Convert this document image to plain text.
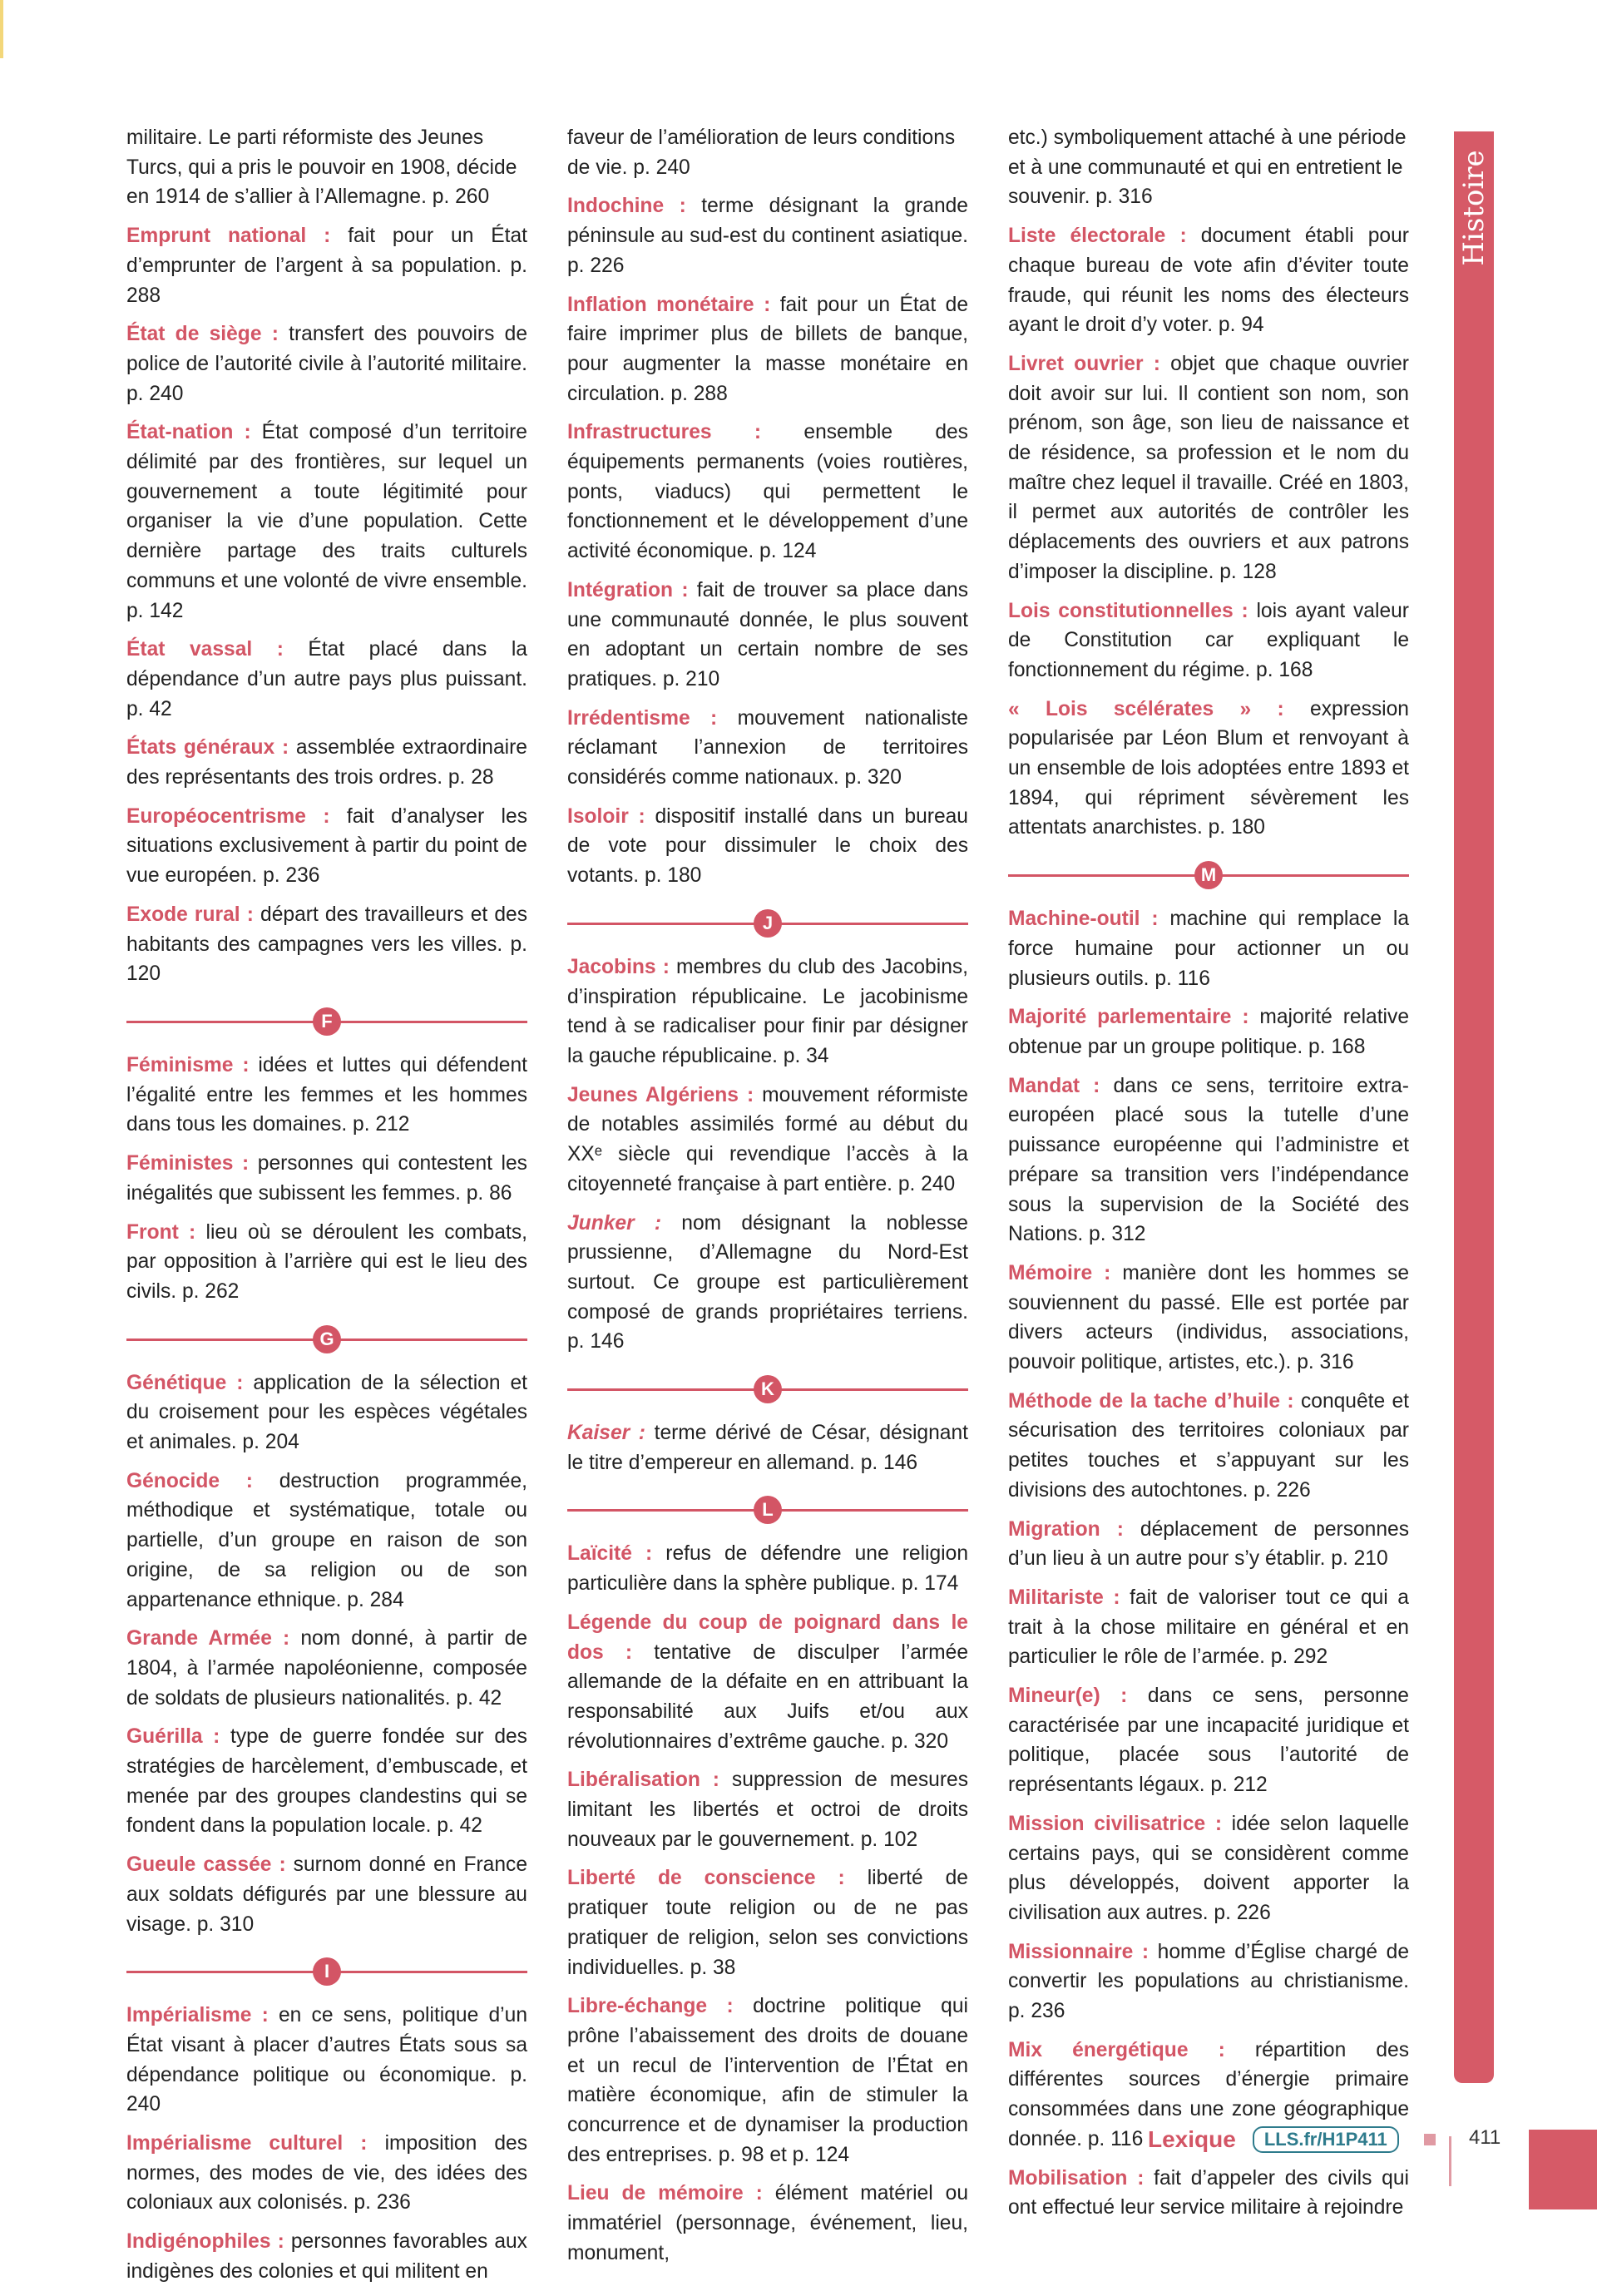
militaire. Le parti réformiste des Jeunes Turcs, qui a pris le pouvoir en 1908, décide en 1914 de s’allier à l’Allemagne. p. 260

Emprunt national : fait pour un État d’emprunter de l’argent à sa population. p. 288

État de siège : transfert des pouvoirs de police de l’autorité civile à l’autorité militaire. p. 240

État-nation : État composé d’un territoire délimité par des frontières, sur lequel un gouvernement a toute légitimité pour organiser la vie d’une population. Cette dernière partage des traits culturels communs et une volonté de vivre ensemble. p. 142

État vassal : État placé dans la dépendance d’un autre pays plus puissant. p. 42

États généraux : assemblée extraordinaire des représentants des trois ordres. p. 28

Européocentrisme : fait d’analyser les situations exclusivement à partir du point de vue européen. p. 236

Exode rural : départ des travailleurs et des habitants des campagnes vers les villes. p. 120

F

Féminisme : idées et luttes qui défendent l’égalité entre les femmes et les hommes dans tous les domaines. p. 212

Féministes : personnes qui contestent les inégalités que subissent les femmes. p. 86

Front : lieu où se déroulent les combats, par opposition à l’arrière qui est le lieu des civils. p. 262

G

Génétique : application de la sélection et du croisement pour les espèces végétales et animales. p. 204

Génocide : destruction programmée, méthodique et systématique, totale ou partielle, d’un groupe en raison de son origine, de sa religion ou de son appartenance ethnique. p. 284

Grande Armée : nom donné, à partir de 1804, à l’armée napoléonienne, composée de soldats de plusieurs nationalités. p. 42

Guérilla : type de guerre fondée sur des stratégies de harcèlement, d’embuscade, et menée par des groupes clandestins qui se fondent dans la population locale. p. 42

Gueule cassée : surnom donné en France aux soldats défigurés par une blessure au visage. p. 310

I

Impérialisme : en ce sens, politique d’un État visant à placer d’autres États sous sa dépendance politique ou économique. p. 240

Impérialisme culturel : imposition des normes, des modes de vie, des idées des coloniaux aux colonisés. p. 236

Indigénophiles : personnes favorables aux indigènes des colonies et qui militent en

faveur de l’amélioration de leurs conditions de vie. p. 240

Indochine : terme désignant la grande péninsule au sud-est du continent asiatique. p. 226

Inflation monétaire : fait pour un État de faire imprimer plus de billets de banque, pour augmenter la masse monétaire en circulation. p. 288

Infrastructures : ensemble des équipements permanents (voies routières, ponts, viaducs) qui permettent le fonctionnement et le développement d’une activité économique. p. 124

Intégration : fait de trouver sa place dans une communauté donnée, le plus souvent en adoptant un certain nombre de ses pratiques. p. 210

Irrédentisme : mouvement nationaliste réclamant l’annexion de territoires considérés comme nationaux. p. 320

Isoloir : dispositif installé dans un bureau de vote pour dissimuler le choix des votants. p. 180

J

Jacobins : membres du club des Jacobins, d’inspiration républicaine. Le jacobinisme tend à se radicaliser pour finir par désigner la gauche républicaine. p. 34

Jeunes Algériens : mouvement réformiste de notables assimilés formé au début du XXᵉ siècle qui revendique l’accès à la citoyenneté française à part entière. p. 240

Junker : nom désignant la noblesse prussienne, d’Allemagne du Nord-Est surtout. Ce groupe est particulièrement composé de grands propriétaires terriens. p. 146

K

Kaiser : terme dérivé de César, désignant le titre d’empereur en allemand. p. 146

L

Laïcité : refus de défendre une religion particulière dans la sphère publique. p. 174

Légende du coup de poignard dans le dos : tentative de disculper l’armée allemande de la défaite en en attribuant la responsabilité aux Juifs et/ou aux révolutionnaires d’extrême gauche. p. 320

Libéralisation : suppression de mesures limitant les libertés et octroi de droits nouveaux par le gouvernement. p. 102

Liberté de conscience : liberté de pratiquer toute religion ou de ne pas pratiquer de religion, selon ses convictions individuelles. p. 38

Libre-échange : doctrine politique qui prône l’abaissement des droits de douane et un recul de l’intervention de l’État en matière économique, afin de stimuler la concurrence et de dynamiser la production des entreprises. p. 98 et p. 124

Lieu de mémoire : élément matériel ou immatériel (personnage, événement, lieu, monument,

etc.) symboliquement attaché à une période et à une communauté et qui en entretient le souvenir. p. 316

Liste électorale : document établi pour chaque bureau de vote afin d’éviter toute fraude, qui réunit les noms des électeurs ayant le droit d’y voter. p. 94

Livret ouvrier : objet que chaque ouvrier doit avoir sur lui. Il contient son nom, son prénom, son âge, son lieu de naissance et de résidence, sa profession et le nom du maître chez lequel il travaille. Créé en 1803, il permet aux autorités de contrôler les déplacements des ouvriers et aux patrons d’imposer la discipline. p. 128

Lois constitutionnelles : lois ayant valeur de Constitution car expliquant le fonctionnement du régime. p. 168

« Lois scélérates » : expression popularisée par Léon Blum et renvoyant à un ensemble de lois adoptées entre 1893 et 1894, qui répriment sévèrement les attentats anarchistes. p. 180

M

Machine-outil : machine qui remplace la force humaine pour actionner un ou plusieurs outils. p. 116

Majorité parlementaire : majorité relative obtenue par un groupe politique. p. 168

Mandat : dans ce sens, territoire extra-européen placé sous la tutelle d’une puissance européenne qui l’administre et prépare sa transition vers l’indépendance sous la supervision de la Société des Nations. p. 312

Mémoire : manière dont les hommes se souviennent du passé. Elle est portée par divers acteurs (individus, associations, pouvoir politique, artistes, etc.). p. 316

Méthode de la tache d’huile : conquête et sécurisation des territoires coloniaux par petites touches et s’appuyant sur les divisions des autochtones. p. 226

Migration : déplacement de personnes d’un lieu à un autre pour s’y établir. p. 210

Militariste : fait de valoriser tout ce qui a trait à la chose militaire en général et en particulier le rôle de l’armée. p. 292

Mineur(e) : dans ce sens, personne caractérisée par une incapacité juridique et politique, placée sous l’autorité de représentants légaux. p. 212

Mission civilisatrice : idée selon laquelle certains pays, qui se considèrent comme plus développés, doivent apporter la civilisation aux autres. p. 226

Missionnaire : homme d’Église chargé de convertir les populations au christianisme. p. 236

Mix énergétique : répartition des différentes sources d’énergie primaire consommées dans une zone géographique donnée. p. 116

Mobilisation : fait d’appeler des civils qui ont effectué leur service militaire à rejoindre

Histoire
Lexique	LLS.fr/H1P411	411
